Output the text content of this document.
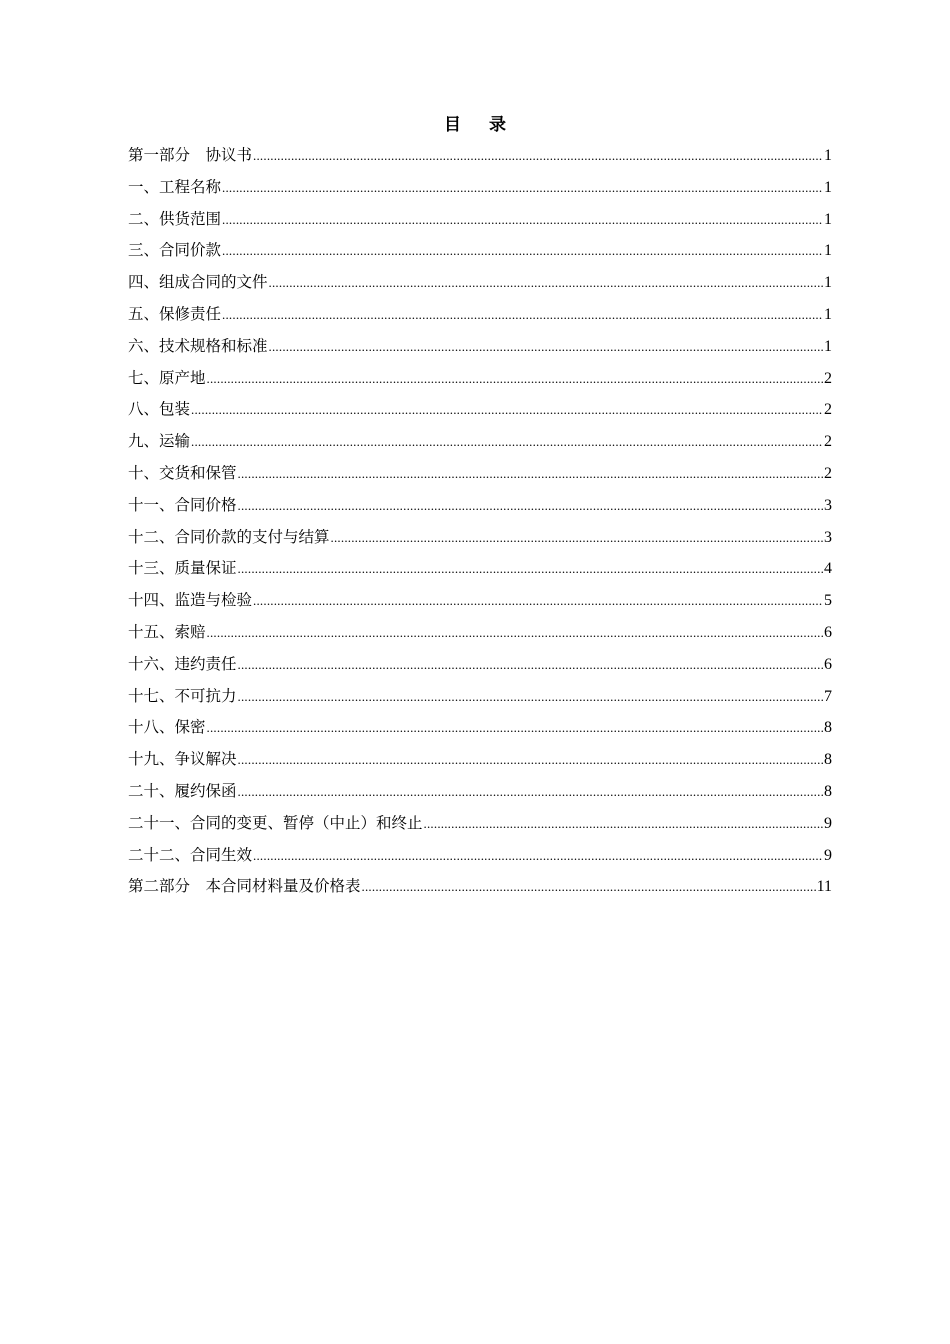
目 录
第一部分　协议书 .....	1
一、工程名称 .....	1
二、供货范围 .....	1
三、合同价款 .....	1
四、组成合同的文件 .....	1
五、保修责任 .....	1
六、技术规格和标准 .....	1
七、原产地 .....	2
八、包装 .....	2
九、运输 .....	2
十、交货和保管 .....	2
十一、合同价格 .....	3
十二、合同价款的支付与结算 .....	3
十三、质量保证 .....	4
十四、监造与检验 .....	5
十五、索赔 .....	6
十六、违约责任 .....	6
十七、不可抗力 .....	7
十八、保密 .....	8
十九、争议解决 .....	8
二十、履约保函 .....	8
二十一、合同的变更、暂停（中止）和终止 .....	9
二十二、合同生效 .....	9
第二部分　本合同材料量及价格表 .....	11
